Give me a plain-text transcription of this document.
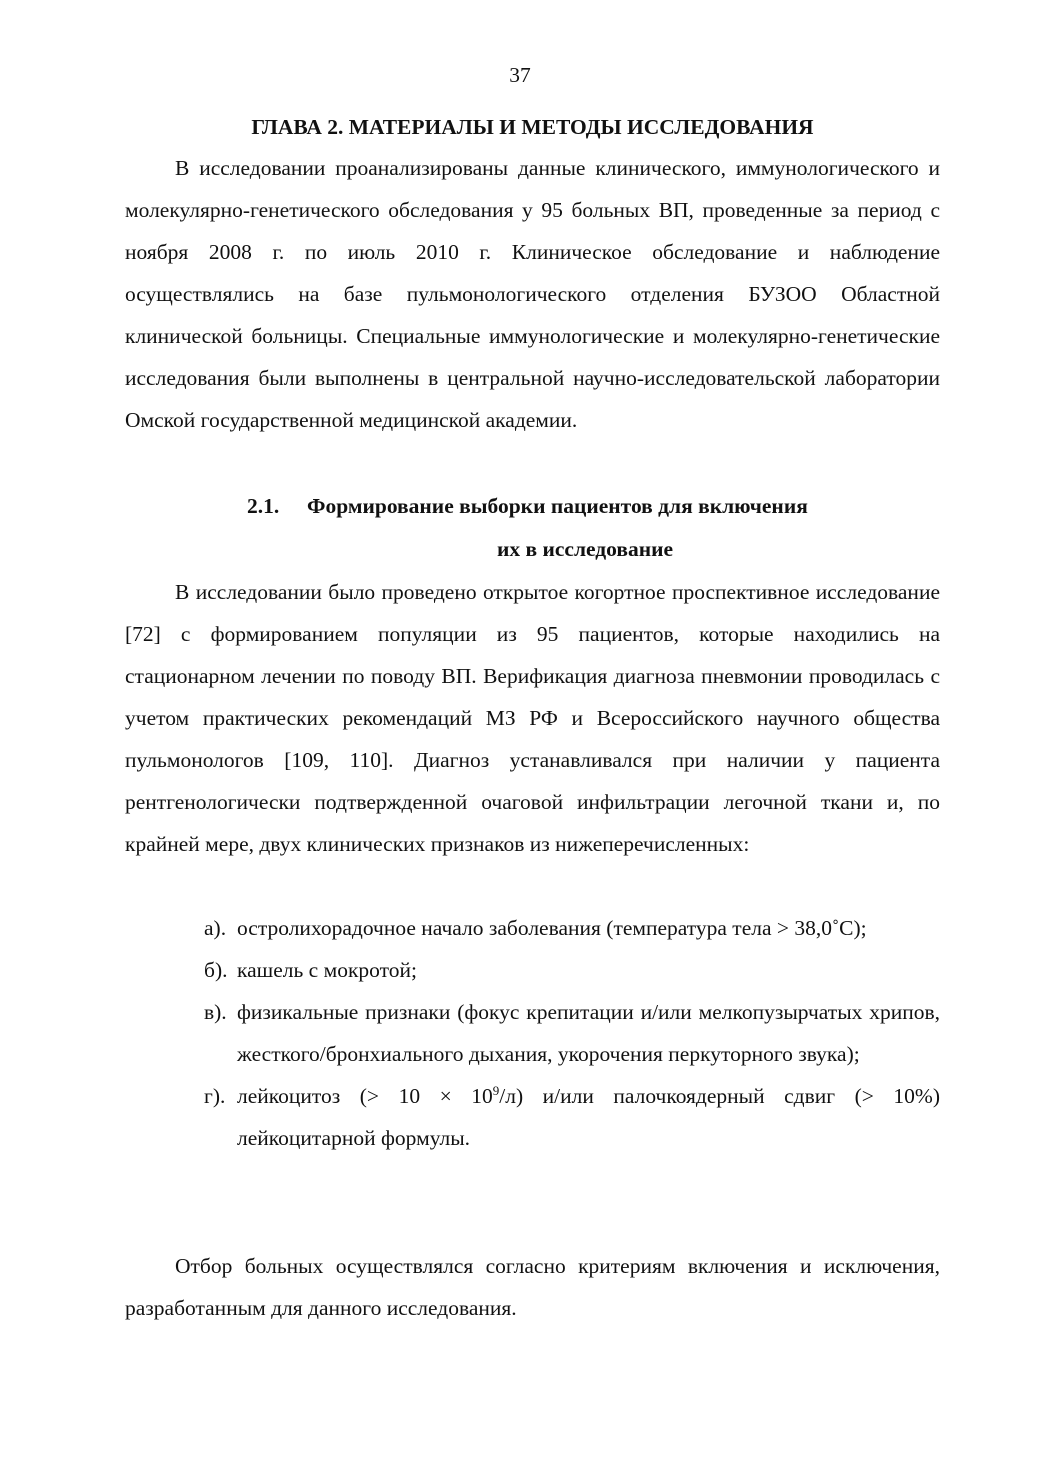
37
ГЛАВА 2. МАТЕРИАЛЫ И МЕТОДЫ ИССЛЕДОВАНИЯ

В исследовании проанализированы данные клинического, иммунологического и молекулярно-генетического обследования у 95 больных ВП, проведенные за период с ноября 2008 г. по июль 2010 г. Клиническое обследование и наблюдение осуществлялись на базе пульмонологического отделения БУЗОО Областной клинической больницы. Специальные иммунологические и молекулярно-генетические исследования были выполнены в центральной научно-исследовательской лаборатории Омской государственной медицинской академии.

2.1. Формирование выборки пациентов для включения
их в исследование

В исследовании было проведено открытое когортное проспективное исследование [72] с формированием популяции из 95 пациентов, которые находились на стационарном лечении по поводу ВП. Верификация диагноза пневмонии проводилась с учетом практических рекомендаций МЗ РФ и Всероссийского научного общества пульмонологов [109, 110]. Диагноз устанавливался при наличии у пациента рентгенологически подтвержденной очаговой инфильтрации легочной ткани и, по крайней мере, двух клинических признаков из нижеперечисленных:

а). остролихорадочное начало заболевания (температура тела > 38,0˚С);
б). кашель с мокротой;
в). физикальные признаки (фокус крепитации и/или мелкопузырчатых хрипов, жесткого/бронхиального дыхания, укорочения перкуторного звука);
г). лейкоцитоз (> $10 \times 10^9/л$) и/или палочкоядерный сдвиг (> 10%) лейкоцитарной формулы.

Отбор больных осуществлялся согласно критериям включения и исключения, разработанным для данного исследования.
